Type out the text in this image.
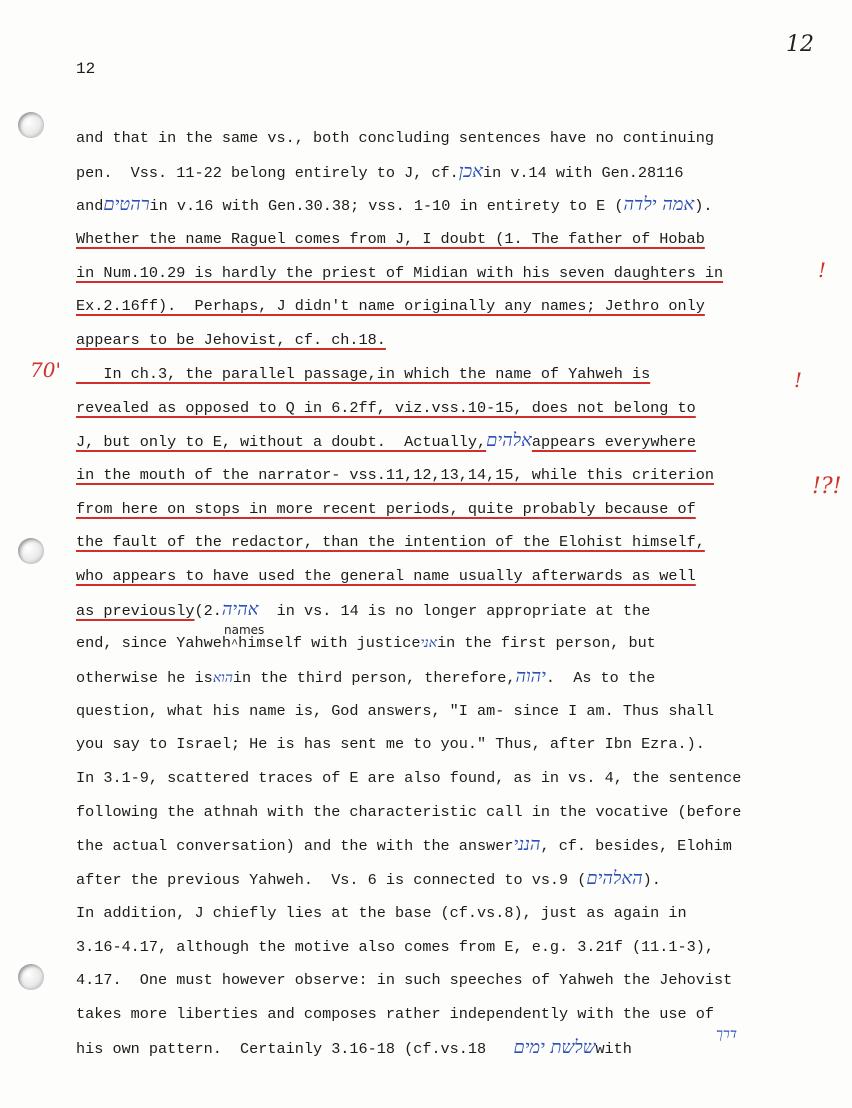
12
12
70'
!
!
!?!
and that in the same vs., both concluding sentences have no continuing
pen.  Vss. 11-22 belong entirely to J, cf.אכןin v.14 with Gen.28116
andרהטיםin v.16 with Gen.30.38; vss. 1-10 in entirety to E (אמה ילדה).
Whether the name Raguel comes from J, I doubt (1. The father of Hobab
in Num.10.29 is hardly the priest of Midian with his seven daughters in
Ex.2.16ff).  Perhaps, J didn't name originally any names; Jethro only
appears to be Jehovist, cf. ch.18.
In ch.3, the parallel passage,in which the name of Yahweh is
revealed as opposed to Q in 6.2ff, viz.vss.10-15, does not belong to
J, but only to E, without a doubt.  Actually,אלהיםappears everywhere
in the mouth of the narrator- vss.11,12,13,14,15, while this criterion
from here on stops in more recent periods, quite probably because of
the fault of the redactor, than the intention of the Elohist himself,
who appears to have used the general name usually afterwards as well
as previously(2.אהיה  in vs. 14 is no longer appropriate at the
end, since Yahweh^
names
himself with justiceאניin the first person, but
otherwise he isהואin the third person, therefore,יהוה.  As to the
question, what his name is, God answers, "I am- since I am. Thus shall
you say to Israel; He is has sent me to you." Thus, after Ibn Ezra.).
In 3.1-9, scattered traces of E are also found, as in vs. 4, the sentence
following the athnah with the characteristic call in the vocative (before
the actual conversation) and the with the answerהנני, cf. besides, Elohim
after the previous Yahweh.  Vs. 6 is connected to vs.9 (האלהים).
In addition, J chiefly lies at the base (cf.vs.8), just as again in
3.16-4.17, although the motive also comes from E, e.g. 3.21f (11.1-3),
4.17.  One must however observe: in such speeches of Yahweh the Jehovist
takes more liberties and composes rather independently with the use of
his own pattern.  Certainly 3.16-18 (cf.vs.18 שלשת ימים
דרך
with
